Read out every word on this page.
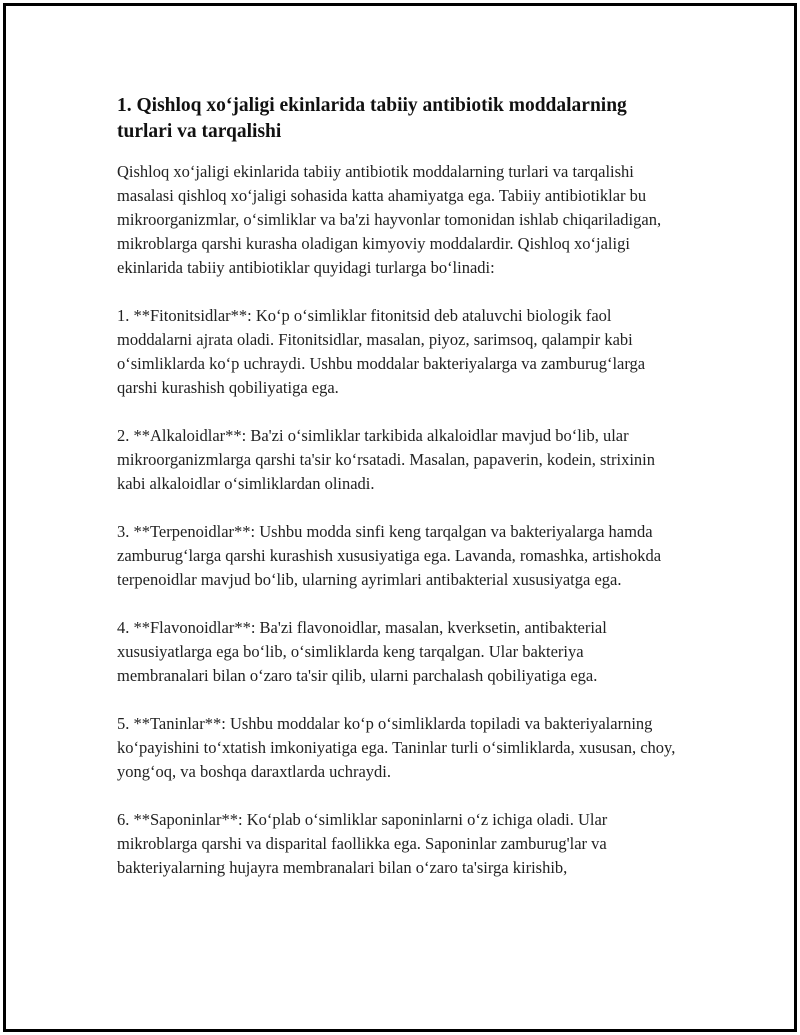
1. Qishloq xo‘jaligi ekinlarida tabiiy antibiotik moddalarning turlari va tarqalishi

Qishloq xo‘jaligi ekinlarida tabiiy antibiotik moddalarning turlari va tarqalishi masalasi qishloq xo‘jaligi sohasida katta ahamiyatga ega. Tabiiy antibiotiklar bu mikroorganizmlar, o‘simliklar va ba'zi hayvonlar tomonidan ishlab chiqariladigan, mikroblarga qarshi kurasha oladigan kimyoviy moddalardir. Qishloq xo‘jaligi ekinlarida tabiiy antibiotiklar quyidagi turlarga bo‘linadi:

1. **Fitonitsidlar**: Ko‘p o‘simliklar fitonitsid deb ataluvchi biologik faol moddalarni ajrata oladi. Fitonitsidlar, masalan, piyoz, sarimsoq, qalampir kabi o‘simliklarda ko‘p uchraydi. Ushbu moddalar bakteriyalarga va zamburug‘larga qarshi kurashish qobiliyatiga ega.

2. **Alkaloidlar**: Ba'zi o‘simliklar tarkibida alkaloidlar mavjud bo‘lib, ular mikroorganizmlarga qarshi ta'sir ko‘rsatadi. Masalan, papaverin, kodein, strixinin kabi alkaloidlar o‘simliklardan olinadi.

3. **Terpenoidlar**: Ushbu modda sinfi keng tarqalgan va bakteriyalarga hamda zamburug‘larga qarshi kurashish xususiyatiga ega. Lavanda, romashka, artishokda terpenoidlar mavjud bo‘lib, ularning ayrimlari antibakterial xususiyatga ega.

4. **Flavonoidlar**: Ba'zi flavonoidlar, masalan, kverksetin, antibakterial xususiyatlarga ega bo‘lib, o‘simliklarda keng tarqalgan. Ular bakteriya membranalari bilan o‘zaro ta'sir qilib, ularni parchalash qobiliyatiga ega.

5. **Taninlar**: Ushbu moddalar ko‘p o‘simliklarda topiladi va bakteriyalarning ko‘payishini to‘xtatish imkoniyatiga ega. Taninlar turli o‘simliklarda, xususan, choy, yong‘oq, va boshqa daraxtlarda uchraydi.

6. **Saponinlar**: Ko‘plab o‘simliklar saponinlarni o‘z ichiga oladi. Ular mikroblarga qarshi va disparital faollikka ega. Saponinlar zamburug'lar va bakteriyalarning hujayra membranalari bilan o‘zaro ta'sirga kirishib,
